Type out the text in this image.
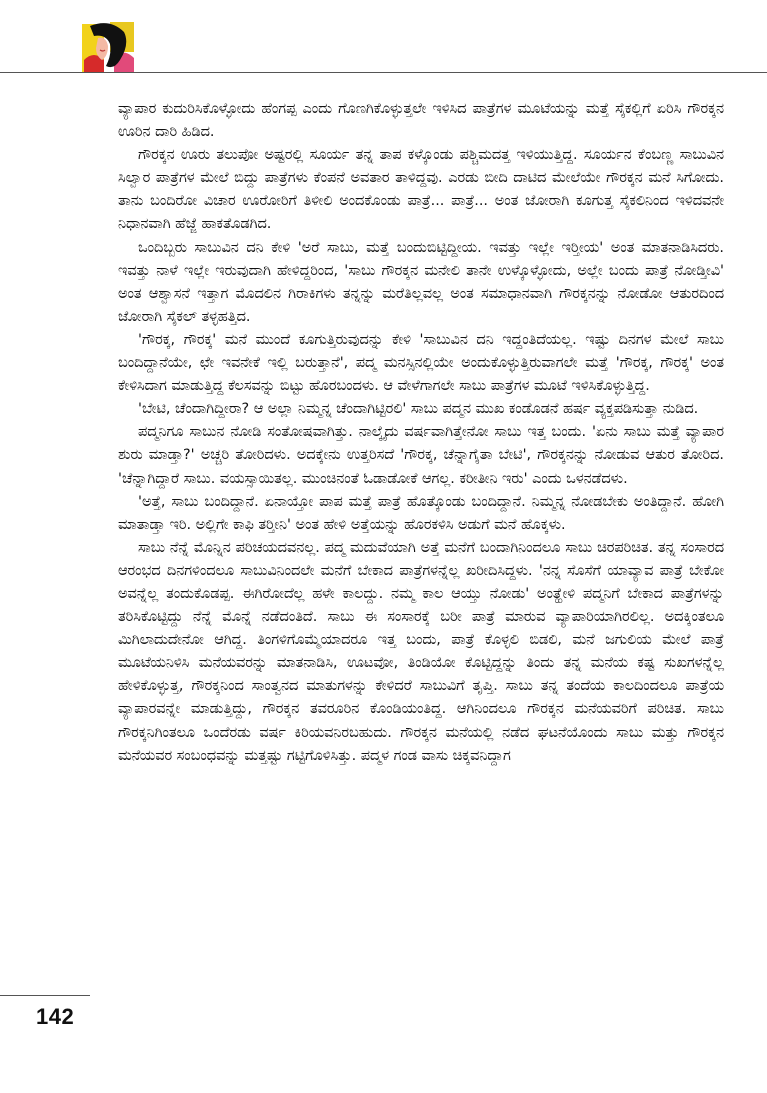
ವ್ಯಾಪಾರ ಕುದುರಿಸಿಕೊಳ್ಳೋದು ಹೆಂಗಪ್ಪ ಎಂದು ಗೊಣಗಿಕೊಳ್ಳುತ್ತಲೇ ಇಳಿಸಿದ ಪಾತ್ರೆಗಳ ಮೂಟೆಯನ್ನು ಮತ್ತೆ ಸೈಕಲ್ಲಿಗೆ ಏರಿಸಿ ಗೌರಕ್ಕನ ಊರಿನ ದಾರಿ ಹಿಡಿದ.

ಗೌರಕ್ಕನ ಊರು ತಲುಪೋ ಅಷ್ಟರಲ್ಲಿ ಸೂರ್ಯ ತನ್ನ ತಾಪ ಕಳ್ಕೊಂಡು ಪಶ್ಚಿಮದತ್ತ ಇಳಿಯುತ್ತಿದ್ದ. ಸೂರ್ಯನ ಕೆಂಬಣ್ಣ ಸಾಬುವಿನ ಸಿಲ್ವಾರ ಪಾತ್ರೆಗಳ ಮೇಲೆ ಬಿದ್ದು ಪಾತ್ರೆಗಳು ಕೆಂಪನೆ ಅವತಾರ ತಾಳಿದ್ದವು. ಎರಡು ಬೀದಿ ದಾಟಿದ ಮೇಲೆಯೇ ಗೌರಕ್ಕನ ಮನೆ ಸಿಗೋದು. ತಾನು ಬಂದಿರೋ ವಿಚಾರ ಊರೋರಿಗೆ ತಿಳೀಲಿ ಅಂದಕೊಂಡು ಪಾತ್ರೆ... ಪಾತ್ರೆ... ಅಂತ ಜೋರಾಗಿ ಕೂಗುತ್ತ ಸೈಕಲಿನಿಂದ ಇಳಿದವನೇ ನಿಧಾನವಾಗಿ ಹೆಜ್ಜೆ ಹಾಕತೊಡಗಿದ.

ಒಂದಿಬ್ಬರು ಸಾಬುವಿನ ದನಿ ಕೇಳಿ 'ಅರೆ ಸಾಬು, ಮತ್ತೆ ಬಂದುಬಿಟ್ಟಿದ್ದೀಯ. ಇವತ್ತು ಇಲ್ಲೇ ಇರ್‍ತೀಯ' ಅಂತ ಮಾತನಾಡಿಸಿದರು. ಇವತ್ತು ನಾಳೆ ಇಲ್ಲೇ ಇರುವುದಾಗಿ ಹೇಳಿದ್ದರಿಂದ, 'ಸಾಬು ಗೌರಕ್ಕನ ಮನೇಲಿ ತಾನೇ ಉಳ್ಕೊಳ್ಳೋದು, ಅಲ್ಲೇ ಬಂದು ಪಾತ್ರೆ ನೋಡ್ತೀವಿ' ಅಂತ ಆಶ್ವಾಸನೆ ಇತ್ತಾಗ ಮೊದಲಿನ ಗಿರಾಕಿಗಳು ತನ್ನನ್ನು ಮರೆತಿಲ್ಲವಲ್ಲ ಅಂತ ಸಮಾಧಾನವಾಗಿ ಗೌರಕ್ಕನನ್ನು ನೋಡೋ ಆತುರದಿಂದ ಜೋರಾಗಿ ಸೈಕಲ್ ತಳ್ಳಹತ್ತಿದ.

'ಗೌರಕ್ಕ, ಗೌರಕ್ಕ' ಮನೆ ಮುಂದೆ ಕೂಗುತ್ತಿರುವುದನ್ನು ಕೇಳಿ 'ಸಾಬುವಿನ ದನಿ ಇದ್ದಂತಿದೆಯಲ್ಲ. ಇಷ್ಟು ದಿನಗಳ ಮೇಲೆ ಸಾಬು ಬಂದಿದ್ದಾನೆಯೇ, ಛೇ ಇವನೇಕೆ ಇಲ್ಲಿ ಬರುತ್ತಾನೆ', ಪದ್ಮ ಮನಸ್ಸಿನಲ್ಲಿಯೇ ಅಂದುಕೊಳ್ಳುತ್ತಿರುವಾಗಲೇ ಮತ್ತೆ 'ಗೌರಕ್ಕ, ಗೌರಕ್ಕ' ಅಂತ ಕೇಳಿಸಿದಾಗ ಮಾಡುತ್ತಿದ್ದ ಕೆಲಸವನ್ನು ಬಿಟ್ಟು ಹೊರಬಂದಳು. ಆ ವೇಳೆಗಾಗಲೇ ಸಾಬು ಪಾತ್ರೆಗಳ ಮೂಟೆ ಇಳಿಸಿಕೊಳ್ಳುತ್ತಿದ್ದ.

'ಬೇಟಿ, ಚೆಂದಾಗಿದ್ದೀರಾ? ಆ ಅಲ್ಲಾ ನಿಮ್ಮನ್ನ ಚೆಂದಾಗಿಟ್ಟಿರಲಿ' ಸಾಬು ಪದ್ಮನ ಮುಖ ಕಂಡೊಡನೆ ಹರ್ಷ ವ್ಯಕ್ತಪಡಿಸುತ್ತಾ ನುಡಿದ.

ಪದ್ಮನಿಗೂ ಸಾಬುನ ನೋಡಿ ಸಂತೋಷವಾಗಿತ್ತು. ನಾಲ್ಕೈದು ವರ್ಷವಾಗಿತ್ತೇನೋ ಸಾಬು ಇತ್ತ ಬಂದು. 'ಏನು ಸಾಬು ಮತ್ತೆ ವ್ಯಾಪಾರ ಶುರು ಮಾಡ್ತಾ?' ಅಚ್ಚರಿ ತೋರಿದಳು. ಅದಕ್ಕೇನು ಉತ್ತರಿಸದೆ 'ಗೌರಕ್ಕ, ಚೆನ್ನಾಗೈತಾ ಬೇಟಿ', ಗೌರಕ್ಕನನ್ನು ನೋಡುವ ಆತುರ ತೋರಿದ. 'ಚೆನ್ನಾಗಿದ್ದಾರೆ ಸಾಬು. ವಯಸ್ಸಾಯಿತಲ್ಲ. ಮುಂಚಿನಂತೆ ಓಡಾಡೋಕೆ ಆಗಲ್ಲ. ಕರೀತೀನಿ ಇರು' ಎಂದು ಒಳನಡೆದಳು.

'ಅತ್ತೆ, ಸಾಬು ಬಂದಿದ್ದಾನೆ. ಏನಾಯ್ತೋ ಪಾಪ ಮತ್ತೆ ಪಾತ್ರೆ ಹೊತ್ಕೊಂಡು ಬಂದಿದ್ದಾನೆ. ನಿಮ್ಮನ್ನ ನೋಡಬೇಕು ಅಂತಿದ್ದಾನೆ. ಹೋಗಿ ಮಾತಾಡ್ತಾ ಇರಿ. ಅಲ್ಲಿಗೇ ಕಾಫಿ ತರ್‍ತೀನಿ' ಅಂತ ಹೇಳಿ ಅತ್ತೆಯನ್ನು ಹೊರಕಳಿಸಿ ಅಡುಗೆ ಮನೆ ಹೊಕ್ಕಳು.

ಸಾಬು ನೆನ್ನೆ ಮೊನ್ನಿನ ಪರಿಚಯದವನಲ್ಲ. ಪದ್ಮ ಮದುವೆಯಾಗಿ ಅತ್ತೆ ಮನೆಗೆ ಬಂದಾಗಿನಿಂದಲೂ ಸಾಬು ಚಿರಪರಿಚಿತ. ತನ್ನ ಸಂಸಾರದ ಆರಂಭದ ದಿನಗಳಿಂದಲೂ ಸಾಬುವಿನಿಂದಲೇ ಮನೆಗೆ ಬೇಕಾದ ಪಾತ್ರೆಗಳನ್ನೆಲ್ಲ ಖರೀದಿಸಿದ್ದಳು. 'ನನ್ನ ಸೊಸೆಗೆ ಯಾವ್ಯಾವ ಪಾತ್ರೆ ಬೇಕೋ ಅವನ್ನೆಲ್ಲ ತಂದುಕೊಡಪ್ಪ. ಈಗಿರೋದೆಲ್ಲ ಹಳೇ ಕಾಲದ್ದು. ನಮ್ಮ ಕಾಲ ಆಯ್ತು ನೋಡು' ಅಂತ್ಹೇಳಿ ಪದ್ಮನಿಗೆ ಬೇಕಾದ ಪಾತ್ರೆಗಳನ್ನು ತರಿಸಿಕೊಟ್ಟಿದ್ದು ನೆನ್ನೆ ಮೊನ್ನೆ ನಡೆದಂತಿದೆ. ಸಾಬು ಈ ಸಂಸಾರಕ್ಕೆ ಬರೀ ಪಾತ್ರೆ ಮಾರುವ ವ್ಯಾಪಾರಿಯಾಗಿರಲಿಲ್ಲ. ಅದಕ್ಕಿಂತಲೂ ಮಿಗಿಲಾದುದೇನೋ ಆಗಿದ್ದ. ತಿಂಗಳಿಗೊಮ್ಮೆಯಾದರೂ ಇತ್ತ ಬಂದು, ಪಾತ್ರೆ ಕೊಳ್ಳಲಿ ಬಿಡಲಿ, ಮನೆ ಜಗುಲಿಯ ಮೇಲೆ ಪಾತ್ರೆ ಮೂಟೆಯನಿಳಿಸಿ ಮನೆಯವರನ್ನು ಮಾತನಾಡಿಸಿ, ಊಟವೋ, ತಿಂಡಿಯೋ ಕೊಟ್ಟಿದ್ದನ್ನು ತಿಂದು ತನ್ನ ಮನೆಯ ಕಷ್ಟ ಸುಖಗಳನ್ನೆಲ್ಲ ಹೇಳಿಕೊಳ್ಳುತ್ತ, ಗೌರಕ್ಕನಿಂದ ಸಾಂತ್ವನದ ಮಾತುಗಳನ್ನು ಕೇಳಿದರೆ ಸಾಬುವಿಗೆ ತೃಪ್ತಿ. ಸಾಬು ತನ್ನ ತಂದೆಯ ಕಾಲದಿಂದಲೂ ಪಾತ್ರೆಯ ವ್ಯಾಪಾರವನ್ನೇ ಮಾಡುತ್ತಿದ್ದು, ಗೌರಕ್ಕನ ತವರೂರಿನ ಕೊಂಡಿಯಂತಿದ್ದ. ಆಗಿನಿಂದಲೂ ಗೌರಕ್ಕನ ಮನೆಯವರಿಗೆ ಪರಿಚಿತ. ಸಾಬು ಗೌರಕ್ಕನಿಗಿಂತಲೂ ಒಂದೆರಡು ವರ್ಷ ಕಿರಿಯವನಿರಬಹುದು. ಗೌರಕ್ಕನ ಮನೆಯಲ್ಲಿ ನಡೆದ ಘಟನೆಯೊಂದು ಸಾಬು ಮತ್ತು ಗೌರಕ್ಕನ ಮನೆಯವರ ಸಂಬಂಧವನ್ನು ಮತ್ತಷ್ಟು ಗಟ್ಟಿಗೊಳಿಸಿತ್ತು. ಪದ್ಮಳ ಗಂಡ ವಾಸು ಚಿಕ್ಕವನಿದ್ದಾಗ

142
